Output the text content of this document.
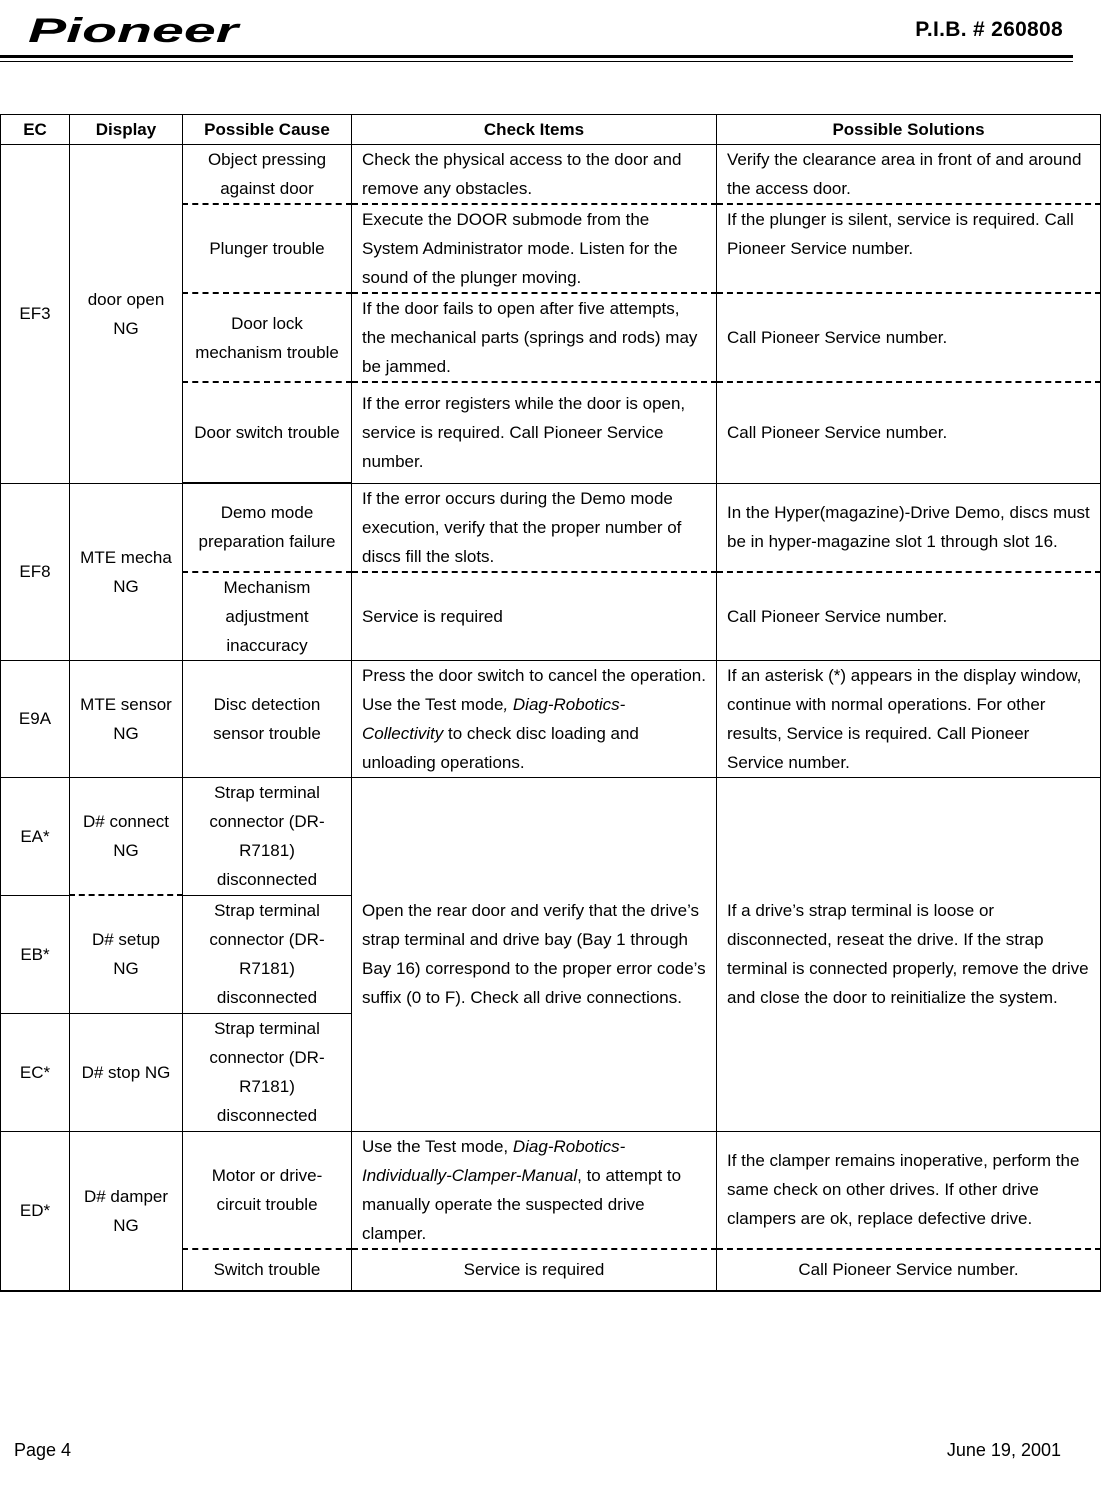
Pioneer	P.I.B. # 260808
EC	Display	Possible Cause	Check Items	Possible Solutions
EF3	door open NG	Object pressing against door	Check the physical access to the door and remove any obstacles.	Verify the clearance area in front of and around the access door.
		Plunger trouble	Execute the DOOR submode from the System Administrator mode. Listen for the sound of the plunger moving.	If the plunger is silent, service is required. Call Pioneer Service number.
		Door lock mechanism trouble	If the door fails to open after five attempts, the mechanical parts (springs and rods) may be jammed.	Call Pioneer Service number.
		Door switch trouble	If the error registers while the door is open, service is required. Call Pioneer Service number.	Call Pioneer Service number.
EF8	MTE mecha NG	Demo mode preparation failure	If the error occurs during the Demo mode execution, verify that the proper number of discs fill the slots.	In the Hyper(magazine)-Drive Demo, discs must be in hyper-magazine slot 1 through slot 16.
		Mechanism adjustment inaccuracy	Service is required	Call Pioneer Service number.
E9A	MTE sensor NG	Disc detection sensor trouble	Press the door switch to cancel the operation. Use the Test mode, Diag-Robotics-Collectivity to check disc loading and unloading operations.	If an asterisk (*) appears in the display window, continue with normal operations. For other results, Service is required. Call Pioneer Service number.
EA*	D# connect NG	Strap terminal connector (DR-R7181) disconnected	Open the rear door and verify that the drive’s strap terminal and drive bay (Bay 1 through Bay 16) correspond to the proper error code’s suffix (0 to F). Check all drive connections.	If a drive’s strap terminal is loose or disconnected, reseat the drive. If the strap terminal is connected properly, remove the drive and close the door to reinitialize the system.
EB*	D# setup NG	Strap terminal connector (DR-R7181) disconnected		
EC*	D# stop NG	Strap terminal connector (DR-R7181) disconnected		
ED*	D# damper NG	Motor or drive-circuit trouble	Use the Test mode, Diag-Robotics-Individually-Clamper-Manual, to attempt to manually operate the suspected drive clamper.	If the clamper remains inoperative, perform the same check on other drives. If other drive clampers are ok, replace defective drive.
		Switch trouble	Service is required	Call Pioneer Service number.
Page 4	June 19, 2001
